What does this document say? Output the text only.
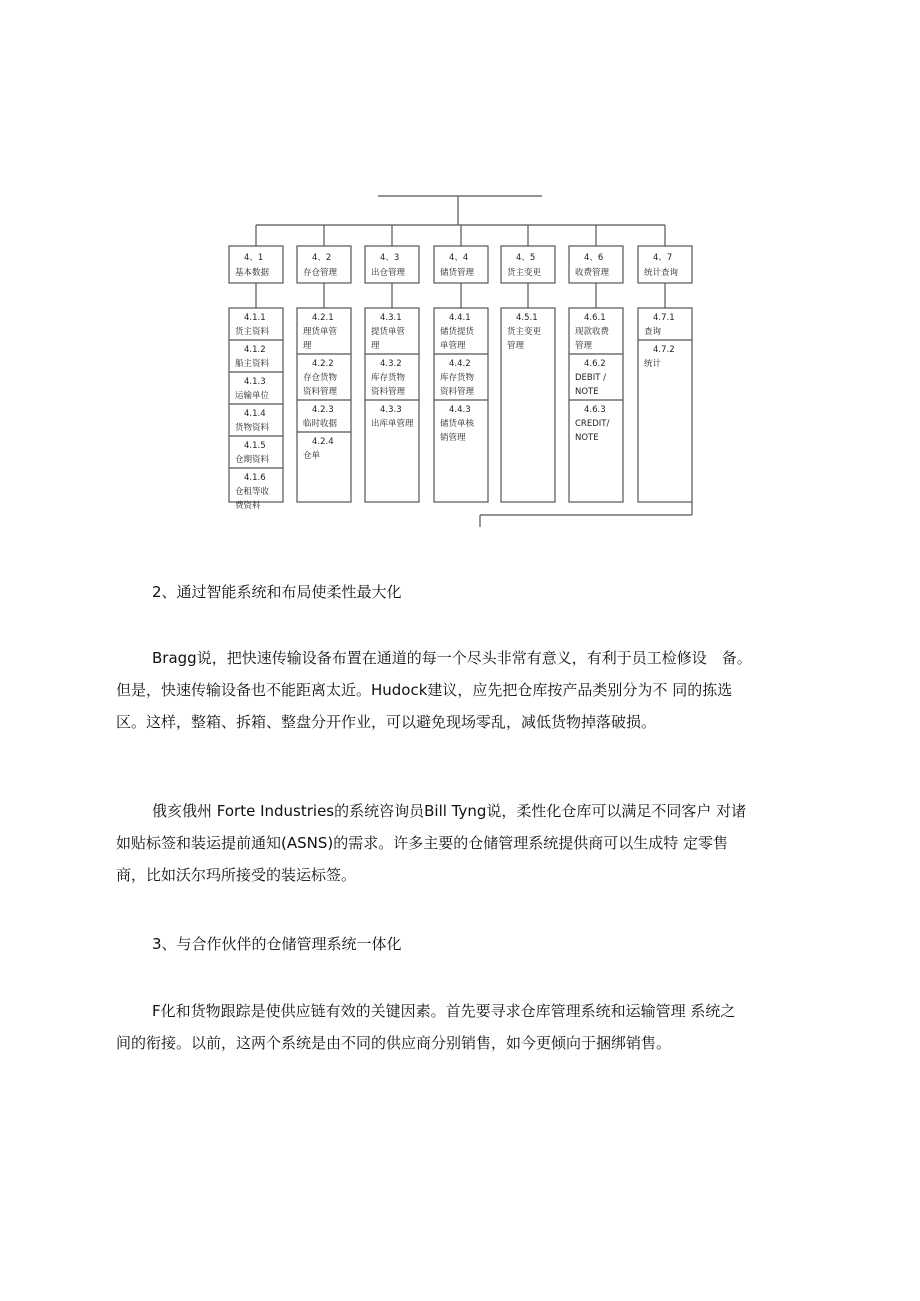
4、1
基本数据
4.1.1
货主资料
4.1.2
船主资料
4.1.3
运输单位
4.1.4
货物资料
4.1.5
仓期资料
4.1.6
仓租等收
费资料
4、2
存仓管理
4.2.1
理货单管
理
4.2.2
存仓货物
资料管理
4.2.3
临时收据
4.2.4
仓单
4、3
出仓管理
4.3.1
提货单管
理
4.3.2
库存货物
资料管理
4.3.3
出库单管理
4、4
储货管理
4.4.1
储货提货
单管理
4.4.2
库存货物
资料管理
4.4.3
储货单核
销管理
4、5
货主变更
4.5.1
货主变更
管理
4、6
收费管理
4.6.1
现款收费
管理
4.6.2
DEBIT /
NOTE
4.6.3
CREDIT/
NOTE
4、7
统计查询
4.7.1
查询
4.7.2
统计
2、通过智能系统和布局使柔性最大化
Bragg说，把快速传输设备布置在通道的每一个尽头非常有意义，有利于员工检修设　备。
但是，快速传输设备也不能距离太近。Hudock建议，应先把仓库按产品类别分为不 同的拣选
区。这样，整箱、拆箱、整盘分开作业，可以避免现场零乱，减低货物掉落破损。
俄亥俄州 Forte Industries的系统咨询员Bill Tyng说，柔性化仓库可以满足不同客户 对诸
如贴标签和装运提前通知(ASNS)的需求。许多主要的仓储管理系统提供商可以生成特 定零售
商，比如沃尔玛所接受的装运标签。
3、与合作伙伴的仓储管理系统一体化
F化和货物跟踪是使供应链有效的关键因素。首先要寻求仓库管理系统和运输管理 系统之
间的衔接。以前，这两个系统是由不同的供应商分别销售，如今更倾向于捆绑销售。
